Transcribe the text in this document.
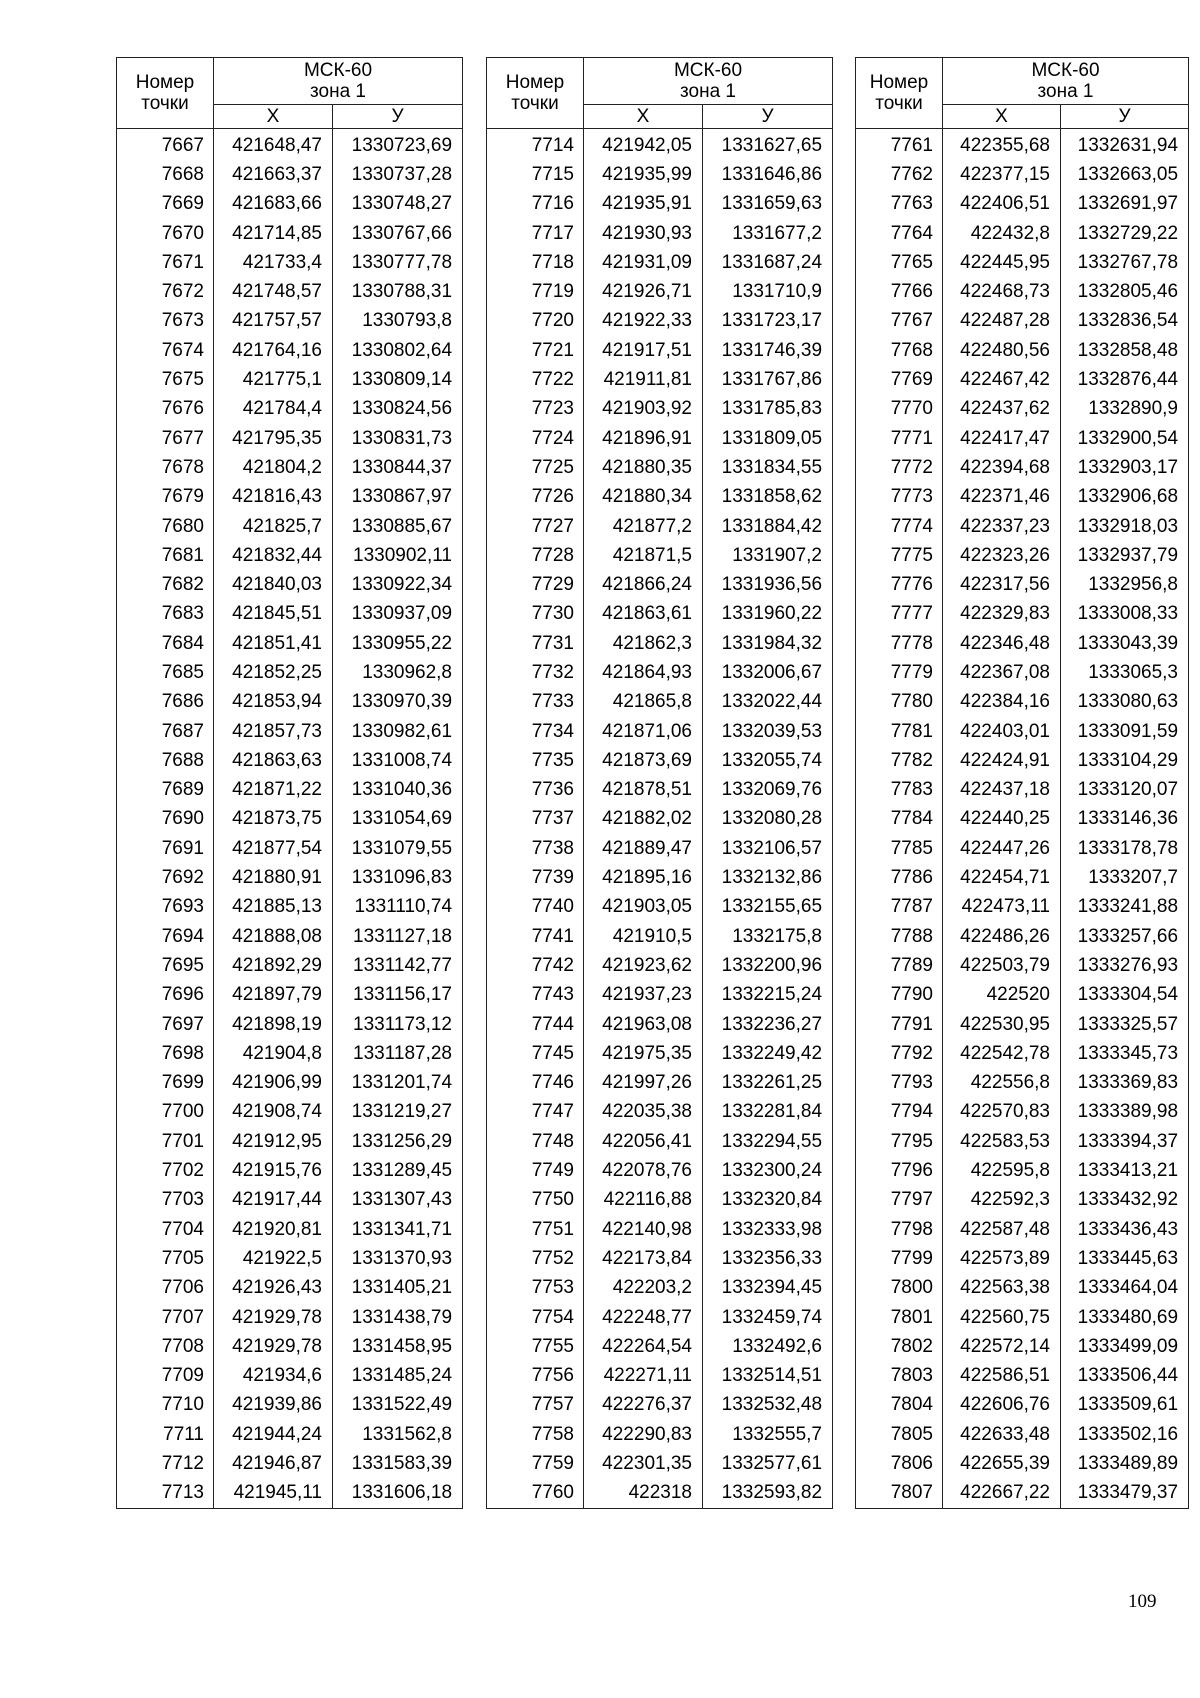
Номер
точки	МСК-60
зона 1	
	X	У
7667	421648,47	1330723,69
7668	421663,37	1330737,28
7669	421683,66	1330748,27
7670	421714,85	1330767,66
7671	421733,4	1330777,78
7672	421748,57	1330788,31
7673	421757,57	1330793,8
7674	421764,16	1330802,64
7675	421775,1	1330809,14
7676	421784,4	1330824,56
7677	421795,35	1330831,73
7678	421804,2	1330844,37
7679	421816,43	1330867,97
7680	421825,7	1330885,67
7681	421832,44	1330902,11
7682	421840,03	1330922,34
7683	421845,51	1330937,09
7684	421851,41	1330955,22
7685	421852,25	1330962,8
7686	421853,94	1330970,39
7687	421857,73	1330982,61
7688	421863,63	1331008,74
7689	421871,22	1331040,36
7690	421873,75	1331054,69
7691	421877,54	1331079,55
7692	421880,91	1331096,83
7693	421885,13	1331110,74
7694	421888,08	1331127,18
7695	421892,29	1331142,77
7696	421897,79	1331156,17
7697	421898,19	1331173,12
7698	421904,8	1331187,28
7699	421906,99	1331201,74
7700	421908,74	1331219,27
7701	421912,95	1331256,29
7702	421915,76	1331289,45
7703	421917,44	1331307,43
7704	421920,81	1331341,71
7705	421922,5	1331370,93
7706	421926,43	1331405,21
7707	421929,78	1331438,79
7708	421929,78	1331458,95
7709	421934,6	1331485,24
7710	421939,86	1331522,49
7711	421944,24	1331562,8
7712	421946,87	1331583,39
7713	421945,11	1331606,18
Номер
точки	МСК-60
зона 1	
	X	У
7714	421942,05	1331627,65
7715	421935,99	1331646,86
7716	421935,91	1331659,63
7717	421930,93	1331677,2
7718	421931,09	1331687,24
7719	421926,71	1331710,9
7720	421922,33	1331723,17
7721	421917,51	1331746,39
7722	421911,81	1331767,86
7723	421903,92	1331785,83
7724	421896,91	1331809,05
7725	421880,35	1331834,55
7726	421880,34	1331858,62
7727	421877,2	1331884,42
7728	421871,5	1331907,2
7729	421866,24	1331936,56
7730	421863,61	1331960,22
7731	421862,3	1331984,32
7732	421864,93	1332006,67
7733	421865,8	1332022,44
7734	421871,06	1332039,53
7735	421873,69	1332055,74
7736	421878,51	1332069,76
7737	421882,02	1332080,28
7738	421889,47	1332106,57
7739	421895,16	1332132,86
7740	421903,05	1332155,65
7741	421910,5	1332175,8
7742	421923,62	1332200,96
7743	421937,23	1332215,24
7744	421963,08	1332236,27
7745	421975,35	1332249,42
7746	421997,26	1332261,25
7747	422035,38	1332281,84
7748	422056,41	1332294,55
7749	422078,76	1332300,24
7750	422116,88	1332320,84
7751	422140,98	1332333,98
7752	422173,84	1332356,33
7753	422203,2	1332394,45
7754	422248,77	1332459,74
7755	422264,54	1332492,6
7756	422271,11	1332514,51
7757	422276,37	1332532,48
7758	422290,83	1332555,7
7759	422301,35	1332577,61
7760	422318	1332593,82
Номер
точки	МСК-60
зона 1	
	X	У
7761	422355,68	1332631,94
7762	422377,15	1332663,05
7763	422406,51	1332691,97
7764	422432,8	1332729,22
7765	422445,95	1332767,78
7766	422468,73	1332805,46
7767	422487,28	1332836,54
7768	422480,56	1332858,48
7769	422467,42	1332876,44
7770	422437,62	1332890,9
7771	422417,47	1332900,54
7772	422394,68	1332903,17
7773	422371,46	1332906,68
7774	422337,23	1332918,03
7775	422323,26	1332937,79
7776	422317,56	1332956,8
7777	422329,83	1333008,33
7778	422346,48	1333043,39
7779	422367,08	1333065,3
7780	422384,16	1333080,63
7781	422403,01	1333091,59
7782	422424,91	1333104,29
7783	422437,18	1333120,07
7784	422440,25	1333146,36
7785	422447,26	1333178,78
7786	422454,71	1333207,7
7787	422473,11	1333241,88
7788	422486,26	1333257,66
7789	422503,79	1333276,93
7790	422520	1333304,54
7791	422530,95	1333325,57
7792	422542,78	1333345,73
7793	422556,8	1333369,83
7794	422570,83	1333389,98
7795	422583,53	1333394,37
7796	422595,8	1333413,21
7797	422592,3	1333432,92
7798	422587,48	1333436,43
7799	422573,89	1333445,63
7800	422563,38	1333464,04
7801	422560,75	1333480,69
7802	422572,14	1333499,09
7803	422586,51	1333506,44
7804	422606,76	1333509,61
7805	422633,48	1333502,16
7806	422655,39	1333489,89
7807	422667,22	1333479,37
109
